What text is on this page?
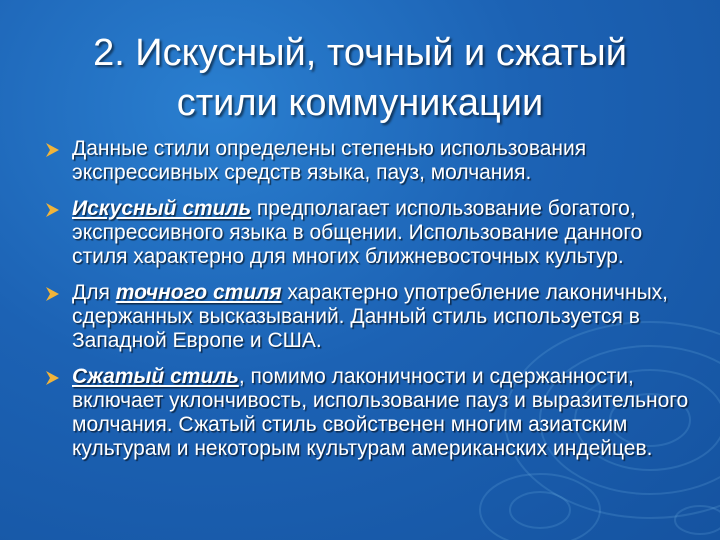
2. Искусный, точный и сжатый
стили коммуникации
Данные стили определены степенью использования экспрессивных средств языка, пауз, молчания.
Искусный стиль предполагает использование богатого, экспрессивного языка в общении. Использование данного стиля характерно для многих ближневосточных культур.
Для точного стиля характерно употребление лаконичных, сдержанных высказываний. Данный стиль используется в Западной Европе и США.
Сжатый стиль, помимо лаконичности и сдержанности, включает уклончивость, использование пауз и выразительного молчания. Сжатый стиль свойственен многим азиатским культурам и некоторым культурам американских индейцев.
